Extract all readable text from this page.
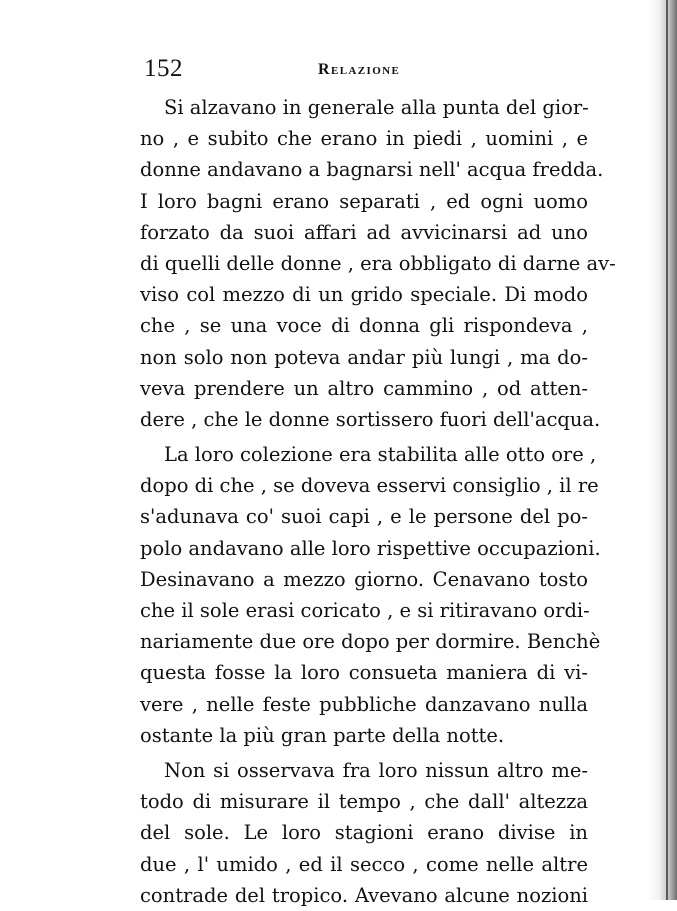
152	Relazione
Si alzavano in generale alla punta del gior-
no , e subito che erano in piedi , uomini , e
donne andavano a bagnarsi nell' acqua fredda.
I loro bagni erano separati , ed ogni uomo
forzato da suoi affari ad avvicinarsi ad uno
di quelli delle donne , era obbligato di darne av-
viso col mezzo di un grido speciale. Di modo
che , se una voce di donna gli rispondeva ,
non solo non poteva andar più lungi , ma do-
veva prendere un altro cammino , od atten-
dere , che le donne sortissero fuori dell'acqua.
La loro colezione era stabilita alle otto ore ,
dopo di che , se doveva esservi consiglio , il re
s'adunava co' suoi capi , e le persone del po-
polo andavano alle loro rispettive occupazioni.
Desinavano a mezzo giorno. Cenavano tosto
che il sole erasi coricato , e si ritiravano ordi-
nariamente due ore dopo per dormire. Benchè
questa fosse la loro consueta maniera di vi-
vere , nelle feste pubbliche danzavano nulla
ostante la più gran parte della notte.
Non si osservava fra loro nissun altro me-
todo di misurare il tempo , che dall' altezza
del sole. Le loro stagioni erano divise in
due , l' umido , ed il secco , come nelle altre
contrade del tropico. Avevano alcune nozioni
